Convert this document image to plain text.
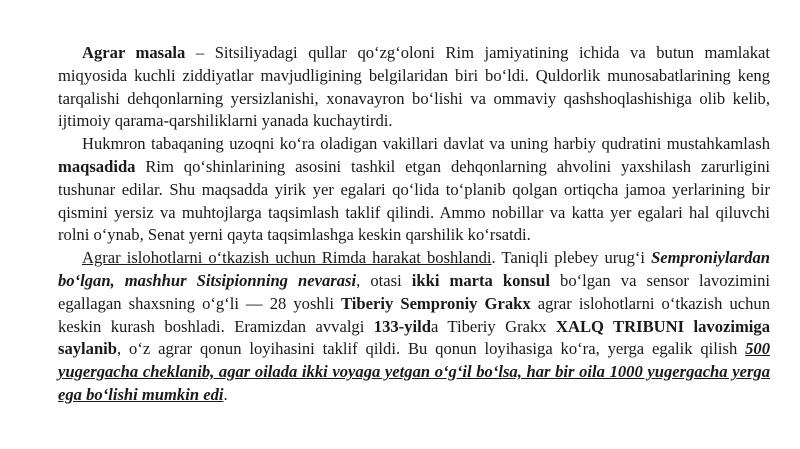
Agrar masala – Sitsiliyadagi qullar qo‘zg‘oloni Rim jamiyatining ichida va butun mamlakat miqyosida kuchli ziddiyatlar mavjudligining belgilaridan biri bo‘ldi. Quldorlik munosabatlarining keng tarqalishi dehqonlarning yersizlanishi, xonavayron bo‘lishi va ommaviy qashshoqlashishiga olib kelib, ijtimoiy qarama-qarshiliklarni yanada kuchaytirdi.

Hukmron tabaqaning uzoqni ko‘ra oladigan vakillari davlat va uning harbiy qudratini mustahkamlash maqsadida Rim qo‘shinlarining asosini tashkil etgan dehqonlarning ahvolini yaxshilash zarurligini tushunar edilar. Shu maqsadda yirik yer egalari qo‘lida to‘planib qolgan ortiqcha jamoa yerlarining bir qismini yersiz va muhtojlarga taqsimlash taklif qilindi. Ammo nobillar va katta yer egalari hal qiluvchi rolni o‘ynab, Senat yerni qayta taqsimlashga keskin qarshilik ko‘rsatdi.

Agrar islohotlarni o‘tkazish uchun Rimda harakat boshlandi. Taniqli plebey urug‘i Semproniylardan bo‘lgan, mashhur Sitsipionning nevarasi, otasi ikki marta konsul bo‘lgan va sensor lavozimini egallagan shaxsning o‘g‘li — 28 yoshli Tiberiy Semproniy Grakx agrar islohotlarni o‘tkazish uchun keskin kurash boshladi. Eramizdan avvalgi 133-yilda Tiberiy Grakx XALQ TRIBUNI lavozimiga saylanib, o‘z agrar qonun loyihasini taklif qildi. Bu qonun loyihasiga ko‘ra, yerga egalik qilish 500 yugergacha cheklanib, agar oilada ikki voyaga yetgan o‘g‘il bo‘lsa, har bir oila 1000 yugergacha yerga ega bo‘lishi mumkin edi.
